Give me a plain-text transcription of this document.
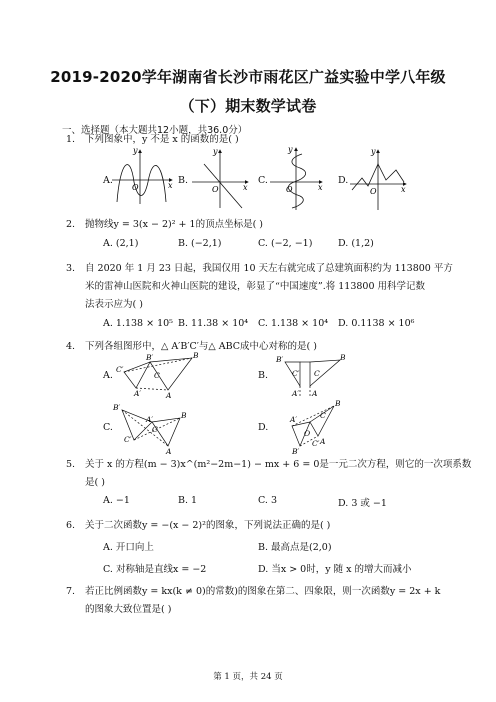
2019-2020学年湖南省长沙市雨花区广益实验中学八年级
（下）期末数学试卷
一、选择题（本大题共12小题，共36.0分）
1. 下列图象中，y 不是 x 的函数的是( )
A.	B.	C.	D.
y
x
O
y
x
O
y
x
O
y
x
O
2. 抛物线y = 3(x − 2)² + 1的顶点坐标是( )
A. (2,1)	B. (−2,1)	C. (−2, −1)	D. (1,2)
3. 自 2020 年 1 月 23 日起，我国仅用 10 天左右就完成了总建筑面积约为 113800 平方
米的雷神山医院和火神山医院的建设，彰显了“中国速度”.将 113800 用科学记数
法表示应为( )
A. 1.138 × 10⁵ B. 11.38 × 10⁴ C. 1.138 × 10⁴ D. 0.1138 × 10⁶
4. 下列各组图形中，△ A′B′C′与△ ABC成中心对称的是( )
A.	B.
C.	D.
B′	B
C′
C
A′	A
B′	B
C′ C
A′ A
B′
B
C′
C
A′
A
A′
B
C
O
B′
C′ A
5. 关于 x 的方程(m − 3)x^(m²−2m−1) − mx + 6 = 0是一元二次方程，则它的一次项系数
是( )
A. −1	B. 1	C. 3	D. 3 或 −1
6. 关于二次函数y = −(x − 2)²的图象，下列说法正确的是( )
A. 开口向上	B. 最高点是(2,0)
C. 对称轴是直线x = −2	D. 当x > 0时，y 随 x 的增大而减小
7. 若正比例函数y = kx(k ≠ 0)的常数)的图象在第二、四象限，则一次函数y = 2x + k
的图象大致位置是( )
第 1 页，共 24 页
